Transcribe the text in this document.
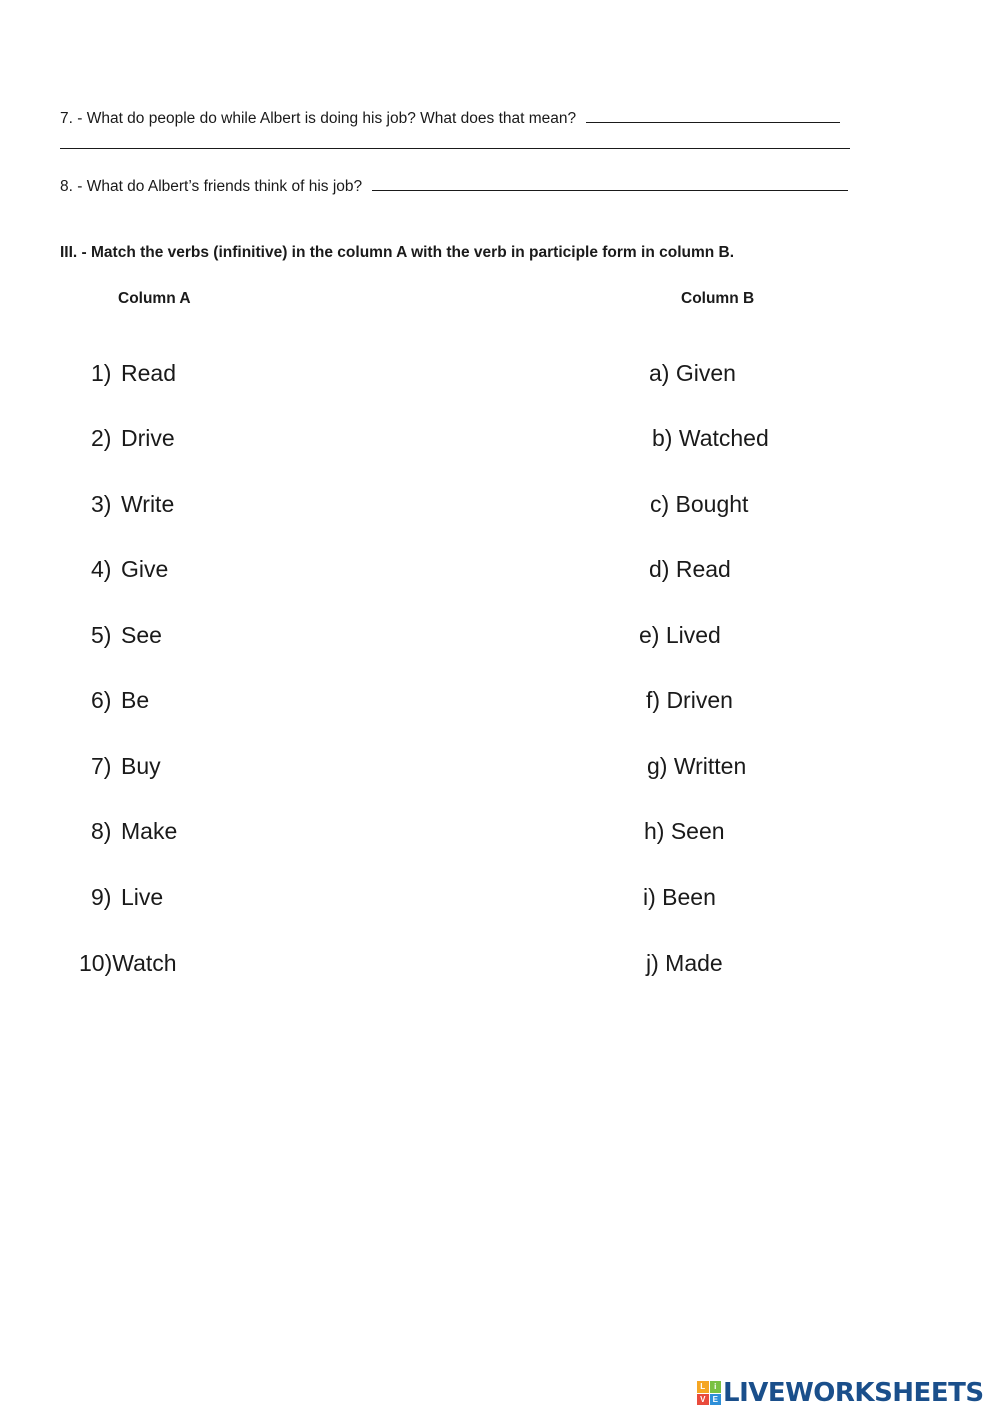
7. - What do people do while Albert is doing his job? What does that mean?
8. - What do Albert’s friends think of his job?
III. - Match the verbs (infinitive) in the column A with the verb in participle form in column B.
Column A	Column B
1) Read
2) Drive
3) Write
4) Give
5) See
6) Be
7) Buy
8) Make
9) Live
10)Watch
a) Given
b) Watched
c) Bought
d) Read
e) Lived
f) Driven
g) Written
h) Seen
i) Been
j) Made
L	i
V E LIVEWORKSHEETS
